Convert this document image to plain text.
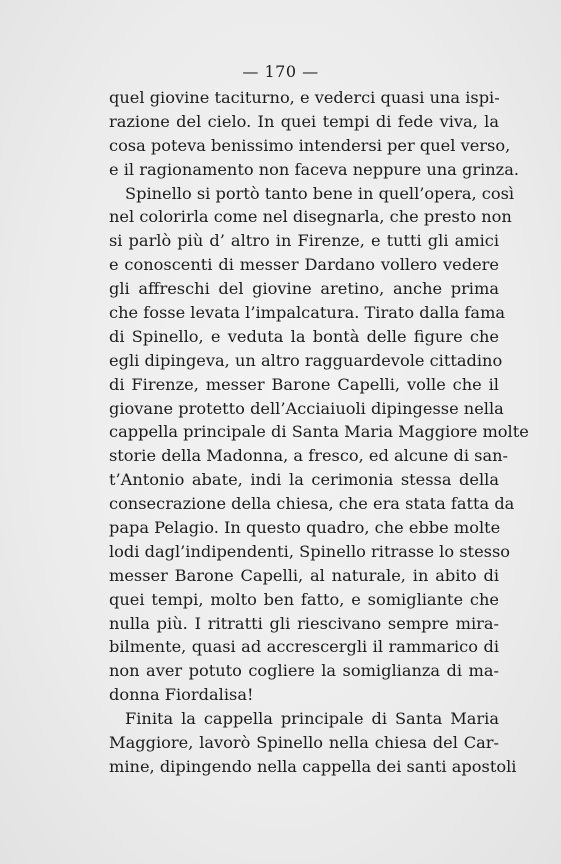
— 170 —
quel giovine taciturno, e vederci quasi una ispi-
razione del cielo. In quei tempi di fede viva, la
cosa poteva benissimo intendersi per quel verso,
e il ragionamento non faceva neppure una grinza.
Spinello si portò tanto bene in quell’opera, così
nel colorirla come nel disegnarla, che presto non
si parlò più d’ altro in Firenze, e tutti gli amici
e conoscenti di messer Dardano vollero vedere
gli affreschi del giovine aretino, anche prima
che fosse levata l’impalcatura. Tirato dalla fama
di Spinello, e veduta la bontà delle figure che
egli dipingeva, un altro ragguardevole cittadino
di Firenze, messer Barone Capelli, volle che il
giovane protetto dell’Acciaiuoli dipingesse nella
cappella principale di Santa Maria Maggiore molte
storie della Madonna, a fresco, ed alcune di san-
t’Antonio abate, indi la cerimonia stessa della
consecrazione della chiesa, che era stata fatta da
papa Pelagio. In questo quadro, che ebbe molte
lodi dagl’indipendenti, Spinello ritrasse lo stesso
messer Barone Capelli, al naturale, in abito di
quei tempi, molto ben fatto, e somigliante che
nulla più. I ritratti gli riescivano sempre mira-
bilmente, quasi ad accrescergli il rammarico di
non aver potuto cogliere la somiglianza di ma-
donna Fiordalisa!
Finita la cappella principale di Santa Maria
Maggiore, lavorò Spinello nella chiesa del Car-
mine, dipingendo nella cappella dei santi apostoli
